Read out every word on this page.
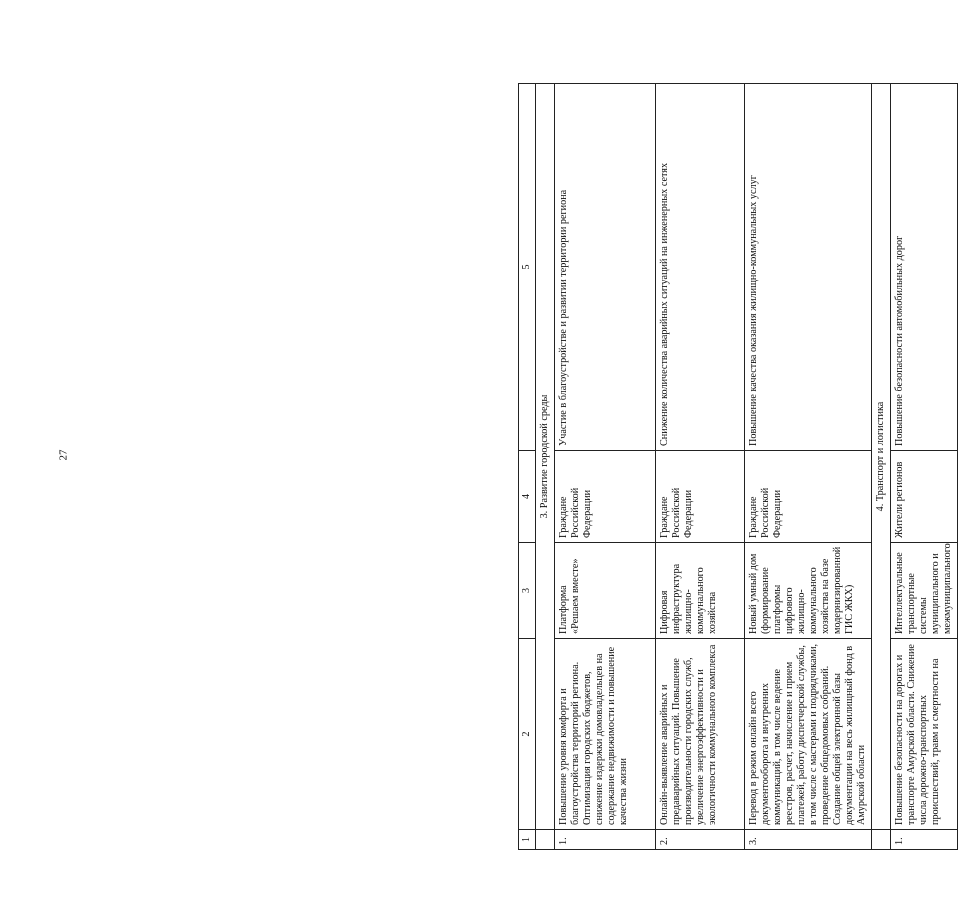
27
1	2	3	4	5
	3. Развитие городской среды			
1.	Повышение уровня комфорта и благоустройства территорий региона. Оптимизация городских бюджетов, снижение издержки домовладельцев на содержание недвижимости и повышение качества жизни	Платформа «Решаем вместе»	Граждане Российской Федерации	Участие в благоустройстве и развитии территории региона
2.	Онлайн-выявление аварийных и предаварийных ситуаций. Повышение производительности городских служб, увеличение энергоэффективности и экологичности коммунального комплекса	Цифровая инфраструктура жилищно-коммунального хозяйства	Граждане Российской Федерации	Снижение количества аварийных ситуаций на инженерных сетях
3.	Перевод в режим онлайн всего документооборота и внутренних коммуникаций, в том числе ведение реестров, расчет, начисление и прием платежей, работу диспетчерской службы, в том числе с мастерами и подрядчиками, проведение общедомовых собраний. Создание общей электронной базы документации на весь жилищный фонд в Амурской области	Новый умный дом (формирование платформы цифрового жилищно-коммунального хозяйства на базе модернизированной ГИС ЖКХ)	Граждане Российской Федерации	Повышение качества оказания жилищно-коммунальных услуг
	4. Транспорт и логистика			
1.	Повышение безопасности на дорогах и транспорте Амурской области. Снижение числа дорожно-транспортных происшествий, травм и смертности на	Интеллектуальные транспортные системы муниципального и межмуниципального	Жители регионов	Повышение безопасности автомобильных дорог
